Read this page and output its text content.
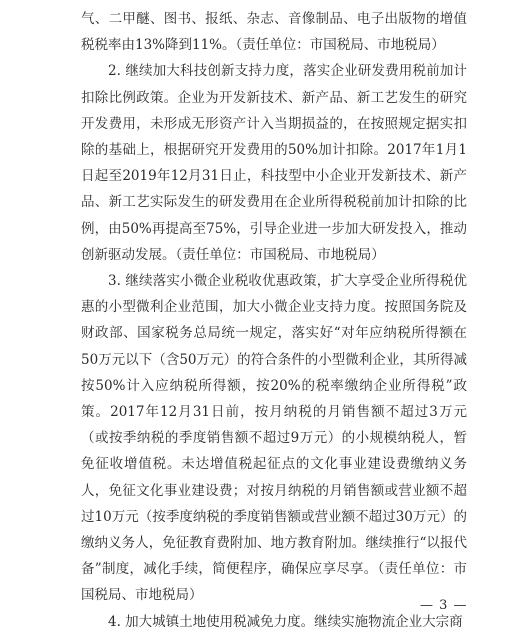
气、二甲醚、图书、报纸、杂志、音像制品、电子出版物的增值税税率由13%降到11%。（责任单位：市国税局、市地税局）

2. 继续加大科技创新支持力度，落实企业研发费用税前加计扣除比例政策。企业为开发新技术、新产品、新工艺发生的研究开发费用，未形成无形资产计入当期损益的，在按照规定据实扣除的基础上，根据研究开发费用的50%加计扣除。2017年1月1日起至2019年12月31日止，科技型中小企业开发新技术、新产品、新工艺实际发生的研发费用在企业所得税税前加计扣除的比例，由50%再提高至75%，引导企业进一步加大研发投入，推动创新驱动发展。（责任单位：市国税局、市地税局）

3. 继续落实小微企业税收优惠政策，扩大享受企业所得税优惠的小型微利企业范围，加大小微企业支持力度。按照国务院及财政部、国家税务总局统一规定，落实好“对年应纳税所得额在50万元以下（含50万元）的符合条件的小型微利企业，其所得减按50%计入应纳税所得额，按20%的税率缴纳企业所得税”政策。2017年12月31日前，按月纳税的月销售额不超过3万元（或按季纳税的季度销售额不超过9万元）的小规模纳税人，暂免征收增值税。未达增值税起征点的文化事业建设费缴纳义务人，免征文化事业建设费；对按月纳税的月销售额或营业额不超过10万元（按季度纳税的季度销售额或营业额不超过30万元）的缴纳义务人，免征教育费附加、地方教育附加。继续推行“以报代备”制度，减化手续，简便程序，确保应享尽享。（责任单位：市国税局、市地税局）

4. 加大城镇土地使用税减免力度。继续实施物流企业大宗商

— 3 —
